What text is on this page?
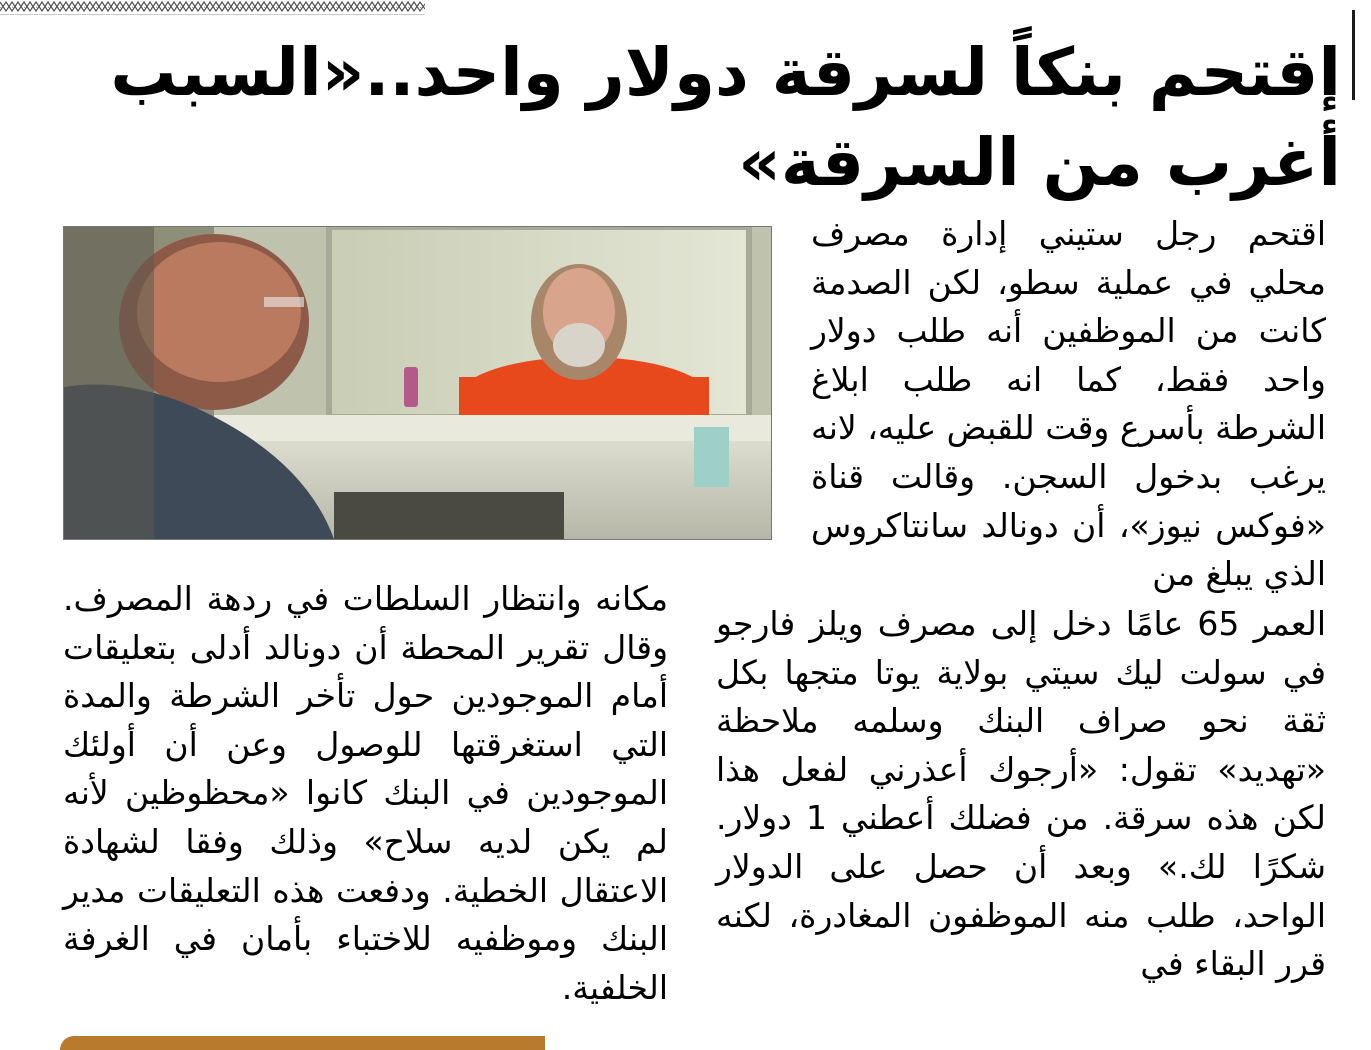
إقتحم بنكاً لسرقة دولار واحد..«السبب
أغرب من السرقة»

اقتحم رجل ستيني إدارة مصرف محلي في عملية سطو، لكن الصدمة كانت من الموظفين أنه طلب دولار واحد فقط، كما انه طلب ابلاغ الشرطة بأسرع وقت للقبض عليه، لانه يرغب بدخول السجن. وقالت قناة «فوكس نيوز»، أن دونالد سانتاكروس الذي يبلغ من

العمر 65 عامًا دخل إلى مصرف ويلز فارجو في سولت ليك سيتي بولاية يوتا متجها بكل ثقة نحو صراف البنك وسلمه ملاحظة «تهديد» تقول: «أرجوك أعذرني لفعل هذا لكن هذه سرقة. من فضلك أعطني 1 دولار. شكرًا لك.» وبعد أن حصل على الدولار الواحد، طلب منه الموظفون المغادرة، لكنه قرر البقاء في

مكانه وانتظار السلطات في ردهة المصرف. وقال تقرير المحطة أن دونالد أدلى بتعليقات أمام الموجودين حول تأخر الشرطة والمدة التي استغرقتها للوصول وعن أن أولئك الموجودين في البنك كانوا «محظوظين لأنه لم يكن لديه سلاح» وذلك وفقا لشهادة الاعتقال الخطية. ودفعت هذه التعليقات مدير البنك وموظفيه للاختباء بأمان في الغرفة الخلفية.
